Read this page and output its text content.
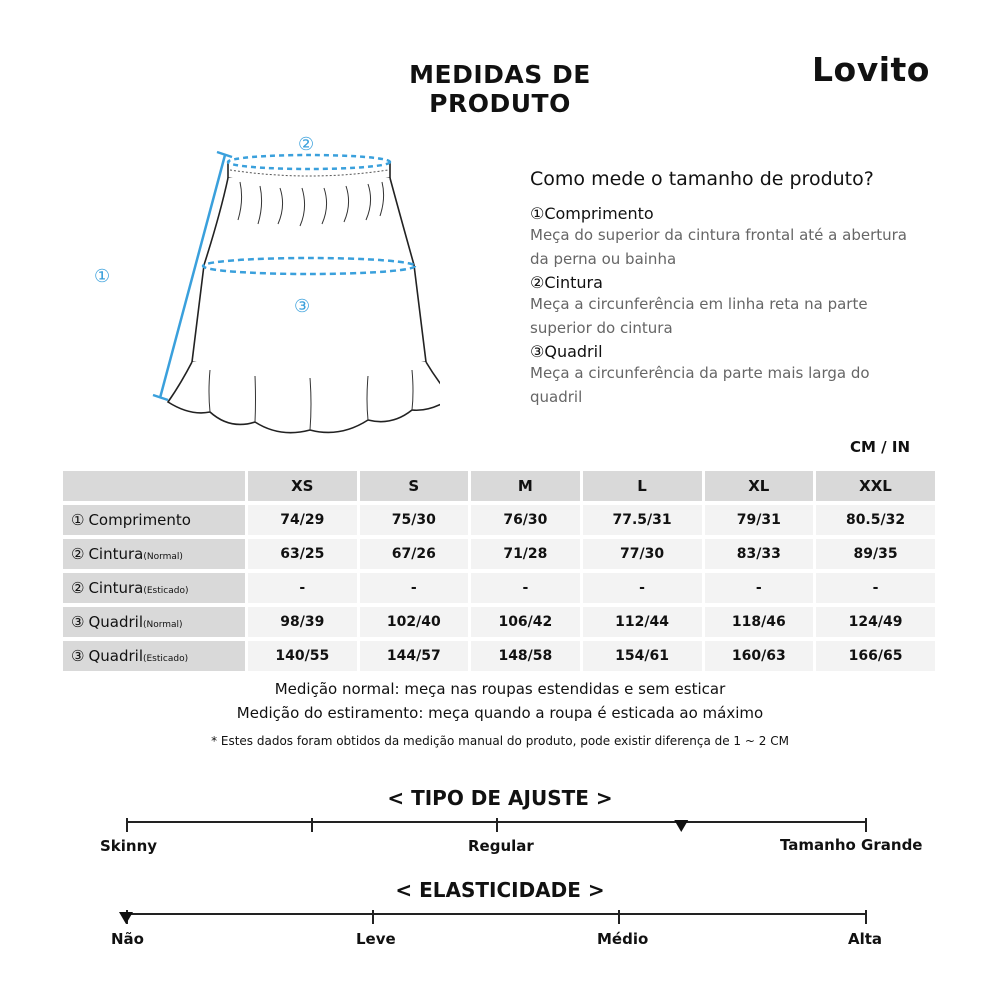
MEDIDAS DE PRODUTO
Lovito
①
②
③
Como mede o tamanho de produto?
①Comprimento
Meça do superior da cintura frontal até a abertura
da perna ou bainha
②Cintura
Meça a circunferência em linha reta na parte
superior do cintura
③Quadril
Meça a circunferência da parte mais larga do
quadril
CM / IN
	XS	S	M	L	XL	XXL
① Comprimento	74/29	75/30	76/30	77.5/31	79/31	80.5/32
② Cintura(Normal)	63/25	67/26	71/28	77/30	83/33	89/35
② Cintura(Esticado)	-	-	-	-	-	-
③ Quadril(Normal)	98/39	102/40	106/42	112/44	118/46	124/49
③ Quadril(Esticado)	140/55	144/57	148/58	154/61	160/63	166/65
Medição normal: meça nas roupas estendidas e sem esticar
Medição do estiramento: meça quando a roupa é esticada ao máximo
* Estes dados foram obtidos da medição manual do produto, pode existir diferença de 1 ~ 2 CM
< TIPO DE AJUSTE >
Skinny	Regular	Tamanho Grande
< ELASTICIDADE >
Não	Leve	Médio	Alta
